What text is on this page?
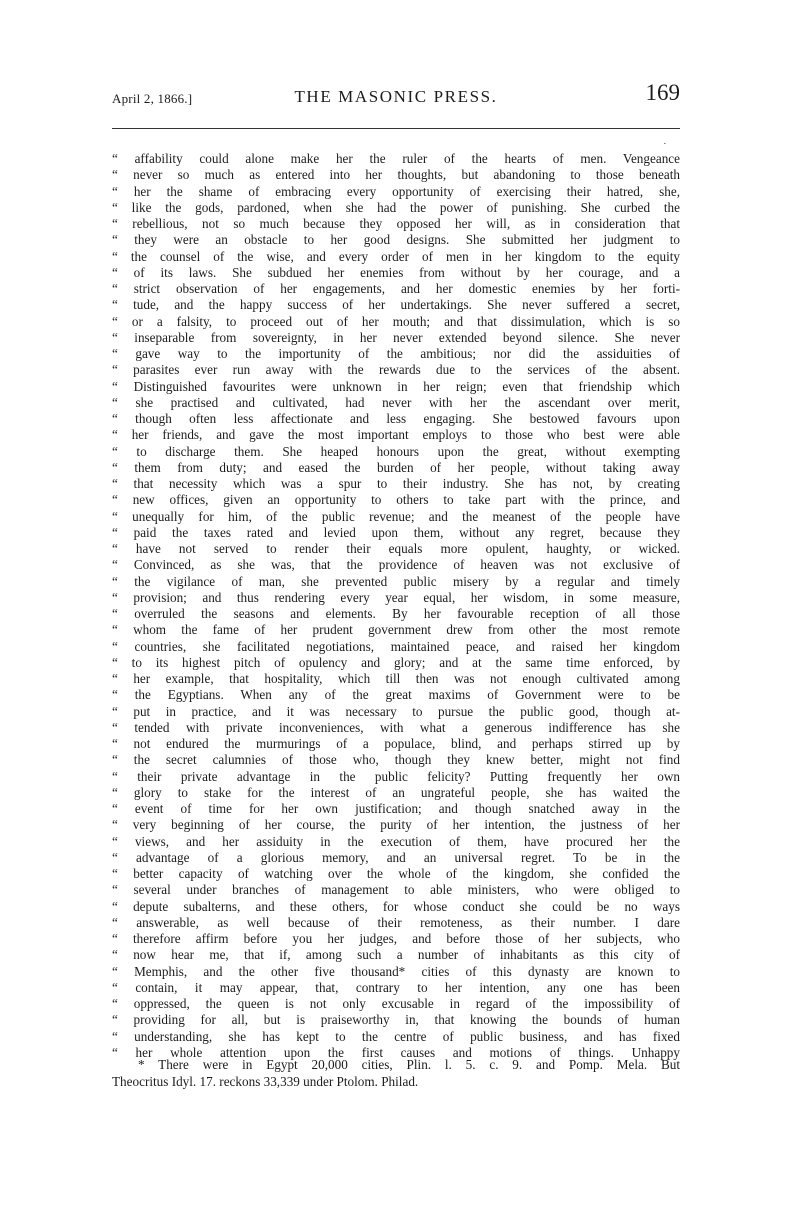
April 2, 1866.]	THE MASONIC PRESS.	169
·
“ affability could alone make her the ruler of the hearts of men. Vengeance
“ never so much as entered into her thoughts, but abandoning to those beneath
“ her the shame of embracing every opportunity of exercising their hatred, she,
“ like the gods, pardoned, when she had the power of punishing. She curbed the
“ rebellious, not so much because they opposed her will, as in consideration that
“ they were an obstacle to her good designs. She submitted her judgment to
“ the counsel of the wise, and every order of men in her kingdom to the equity
“ of its laws. She subdued her enemies from without by her courage, and a
“ strict observation of her engagements, and her domestic enemies by her forti-
“ tude, and the happy success of her undertakings. She never suffered a secret,
“ or a falsity, to proceed out of her mouth; and that dissimulation, which is so
“ inseparable from sovereignty, in her never extended beyond silence. She never
“ gave way to the importunity of the ambitious; nor did the assiduities of
“ parasites ever run away with the rewards due to the services of the absent.
“ Distinguished favourites were unknown in her reign; even that friendship which
“ she practised and cultivated, had never with her the ascendant over merit,
“ though often less affectionate and less engaging. She bestowed favours upon
“ her friends, and gave the most important employs to those who best were able
“ to discharge them. She heaped honours upon the great, without exempting
“ them from duty; and eased the burden of her people, without taking away
“ that necessity which was a spur to their industry. She has not, by creating
“ new offices, given an opportunity to others to take part with the prince, and
“ unequally for him, of the public revenue; and the meanest of the people have
“ paid the taxes rated and levied upon them, without any regret, because they
“ have not served to render their equals more opulent, haughty, or wicked.
“ Convinced, as she was, that the providence of heaven was not exclusive of
“ the vigilance of man, she prevented public misery by a regular and timely
“ provision; and thus rendering every year equal, her wisdom, in some measure,
“ overruled the seasons and elements. By her favourable reception of all those
“ whom the fame of her prudent government drew from other the most remote
“ countries, she facilitated negotiations, maintained peace, and raised her kingdom
“ to its highest pitch of opulency and glory; and at the same time enforced, by
“ her example, that hospitality, which till then was not enough cultivated among
“ the Egyptians. When any of the great maxims of Government were to be
“ put in practice, and it was necessary to pursue the public good, though at-
“ tended with private inconveniences, with what a generous indifference has she
“ not endured the murmurings of a populace, blind, and perhaps stirred up by
“ the secret calumnies of those who, though they knew better, might not find
“ their private advantage in the public felicity? Putting frequently her own
“ glory to stake for the interest of an ungrateful people, she has waited the
“ event of time for her own justification; and though snatched away in the
“ very beginning of her course, the purity of her intention, the justness of her
“ views, and her assiduity in the execution of them, have procured her the
“ advantage of a glorious memory, and an universal regret. To be in the
“ better capacity of watching over the whole of the kingdom, she confided the
“ several under branches of management to able ministers, who were obliged to
“ depute subalterns, and these others, for whose conduct she could be no ways
“ answerable, as well because of their remoteness, as their number. I dare
“ therefore affirm before you her judges, and before those of her subjects, who
“ now hear me, that if, among such a number of inhabitants as this city of
“ Memphis, and the other five thousand* cities of this dynasty are known to
“ contain, it may appear, that, contrary to her intention, any one has been
“ oppressed, the queen is not only excusable in regard of the impossibility of
“ providing for all, but is praiseworthy in, that knowing the bounds of human
“ understanding, she has kept to the centre of public business, and has fixed
“ her whole attention upon the first causes and motions of things. Unhappy
* There were in Egypt 20,000 cities, Plin. l. 5. c. 9. and Pomp. Mela. But
Theocritus Idyl. 17. reckons 33,339 under Ptolom. Philad.
